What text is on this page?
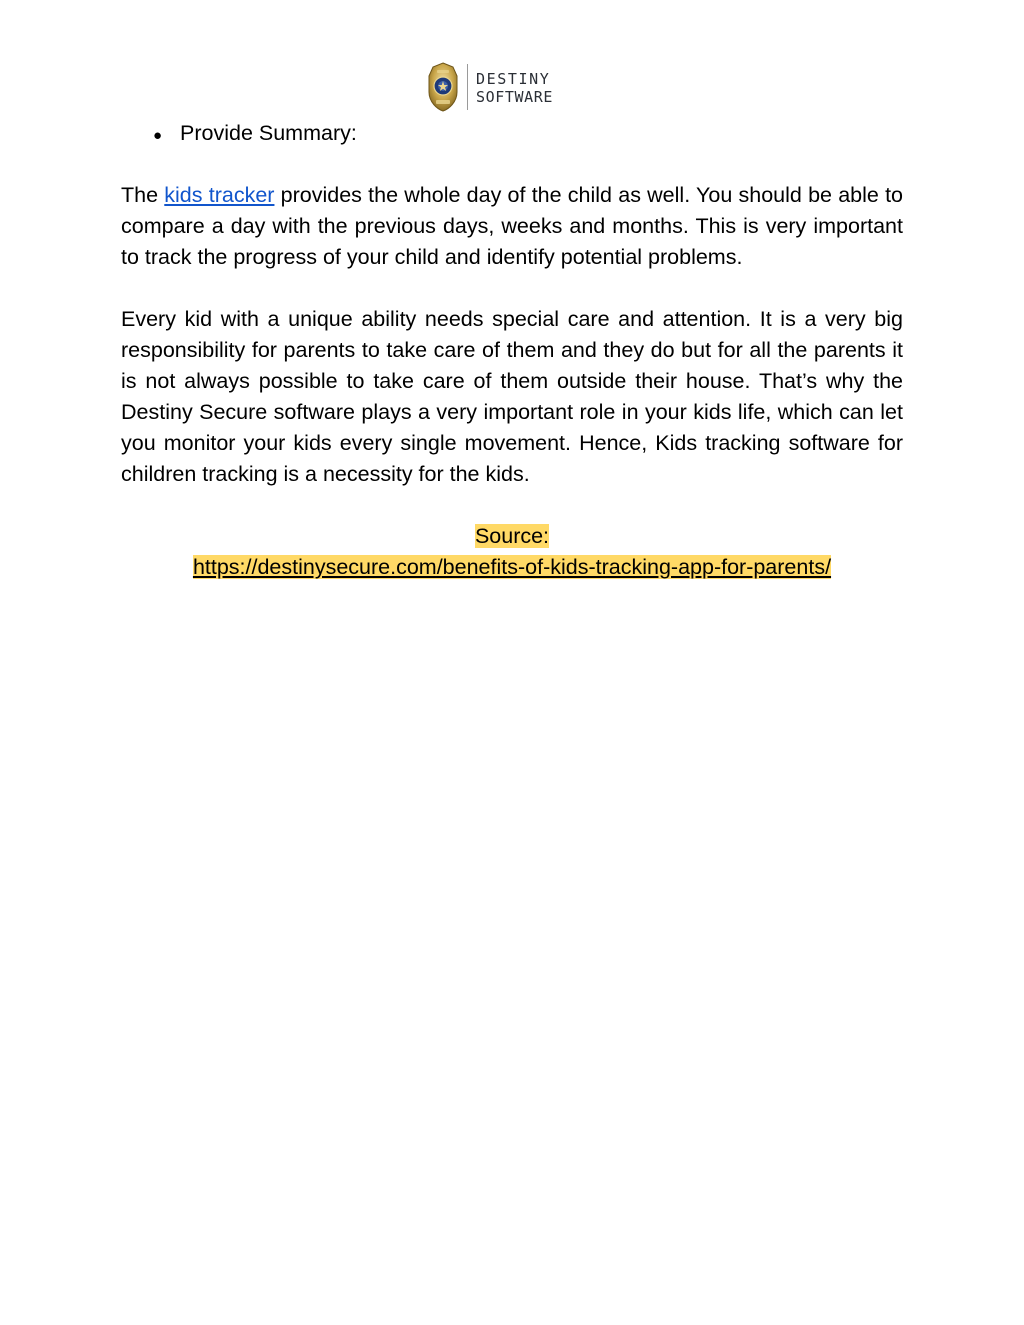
DESTINY
SOFTWARE
● Provide Summary:

The kids tracker provides the whole day of the child as well. You should be able to compare a day with the previous days, weeks and months. This is very important to track the progress of your child and identify potential problems.

Every kid with a unique ability needs special care and attention. It is a very big responsibility for parents to take care of them and they do but for all the parents it is not always possible to take care of them outside their house. That’s why the Destiny Secure software plays a very important role in your kids life, which can let you monitor your kids every single movement. Hence, Kids tracking software for children tracking is a necessity for the kids.

Source:
https://destinysecure.com/benefits-of-kids-tracking-app-for-parents/
